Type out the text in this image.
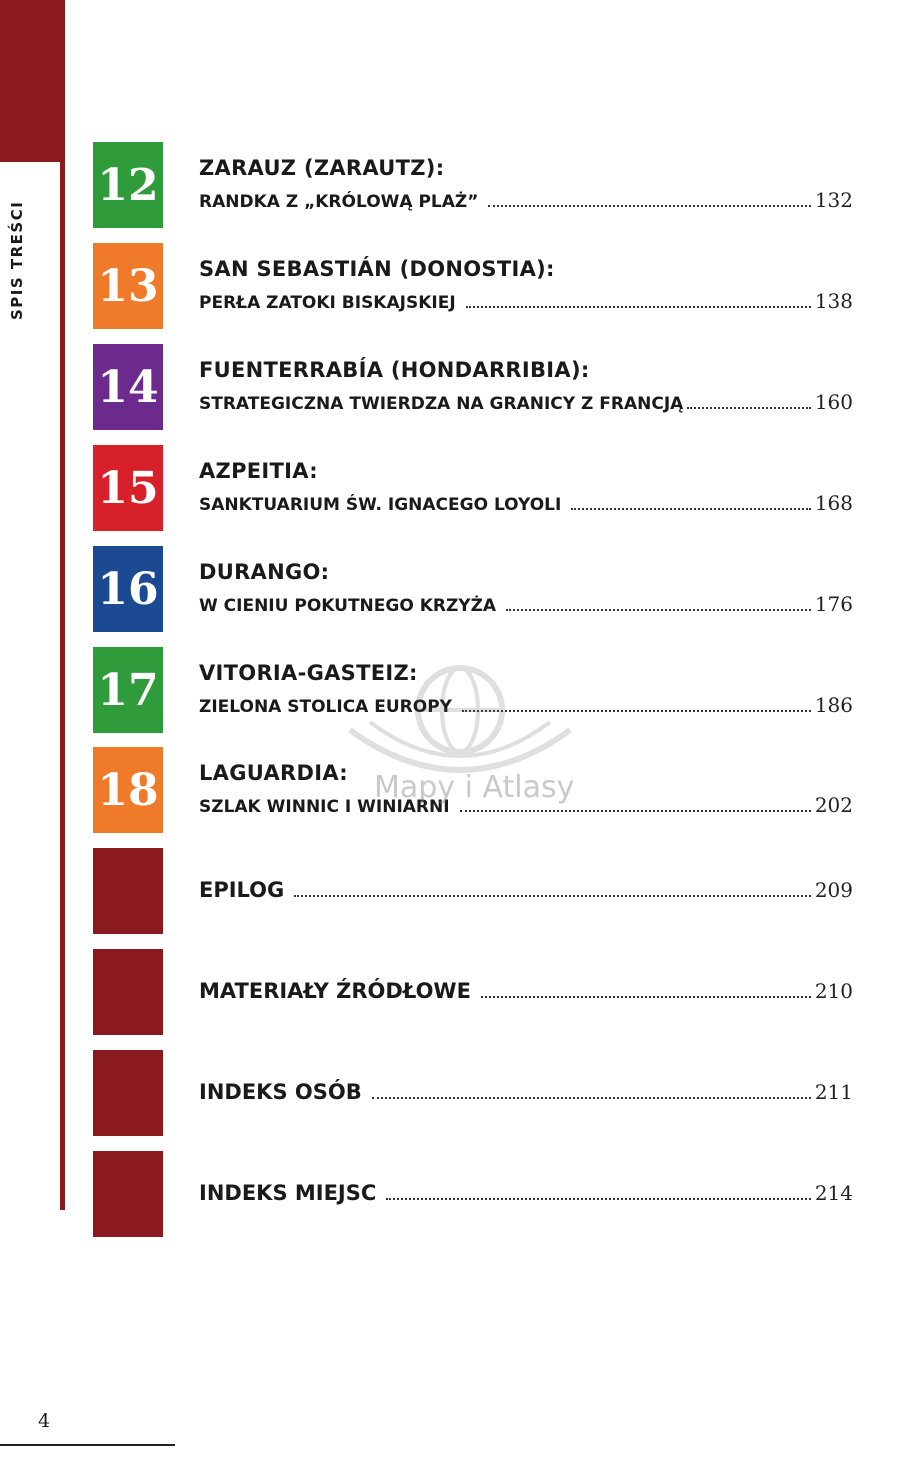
SPIS TREŚCI
12 ZARAUZ (ZARAUTZ):
RANDKA Z „KRÓLOWĄ PLAŻ”	132
13 SAN SEBASTIÁN (DONOSTIA):
PERŁA ZATOKI BISKAJSKIEJ	138
14 FUENTERRABÍA (HONDARRIBIA):
STRATEGICZNA TWIERDZA NA GRANICY Z FRANCJĄ	160
15 AZPEITIA:
SANKTUARIUM ŚW. IGNACEGO LOYOLI	168
16 DURANGO:
W CIENIU POKUTNEGO KRZYŻA	176
17 VITORIA-GASTEIZ:
ZIELONA STOLICA EUROPY	186
18 LAGUARDIA:
SZLAK WINNIC I WINIARNI	202
EPILOG	209
MATERIAŁY ŹRÓDŁOWE	210
INDEKS OSÓB	211
INDEKS MIEJSC	214
Mapy i Atlasy
4
